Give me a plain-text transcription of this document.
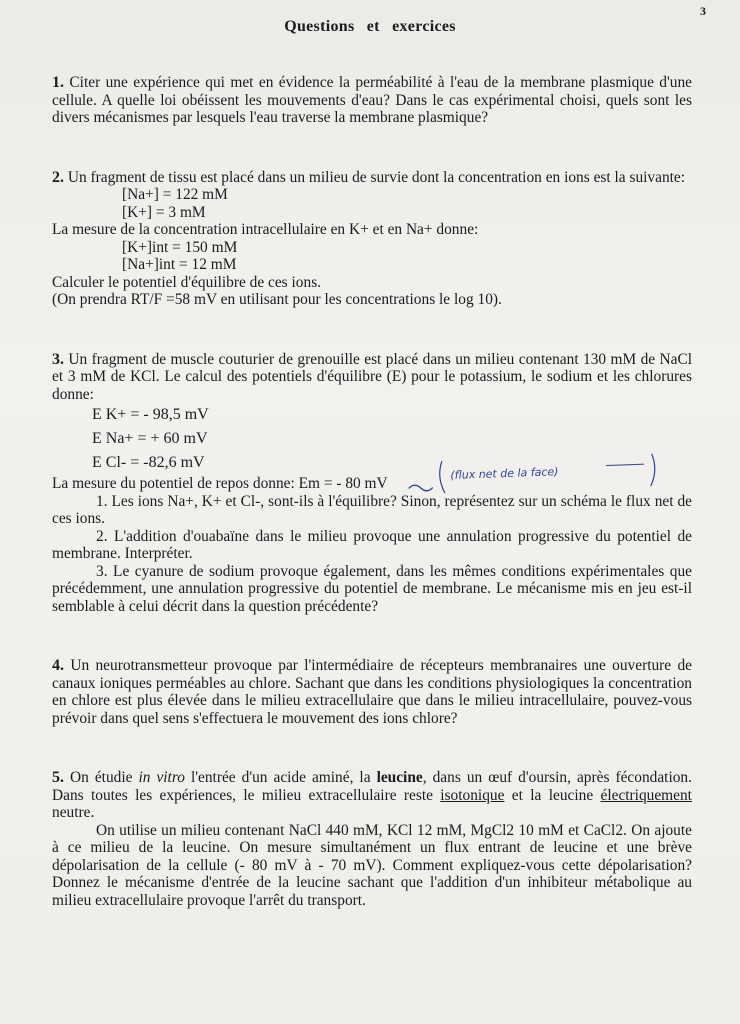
3
Questions et exercices

1. Citer une expérience qui met en évidence la perméabilité à l'eau de la membrane plasmique d'une cellule. A quelle loi obéissent les mouvements d'eau? Dans le cas expérimental choisi, quels sont les divers mécanismes par lesquels l'eau traverse la membrane plasmique?

2. Un fragment de tissu est placé dans un milieu de survie dont la concentration en ions est la suivante:

[Na+] = 122 mM
[K+] = 3 mM
La mesure de la concentration intracellulaire en K+ et en Na+ donne:
[K+]int = 150 mM
[Na+]int = 12 mM
Calculer le potentiel d'équilibre de ces ions.
(On prendra RT/F =58 mV en utilisant pour les concentrations le log 10).

3. Un fragment de muscle couturier de grenouille est placé dans un milieu contenant 130 mM de NaCl et 3 mM de KCl. Le calcul des potentiels d'équilibre (E) pour le potassium, le sodium et les chlorures donne:

E K+ = - 98,5 mV
E Na+ = + 60 mV
E Cl- = -82,6 mV
La mesure du potentiel de repos donne: Em = - 80 mV
1. Les ions Na+, K+ et Cl-, sont-ils à l'équilibre? Sinon, représentez sur un schéma le flux net de ces ions.
2. L'addition d'ouabaïne dans le milieu provoque une annulation progressive du potentiel de membrane. Interpréter.
3. Le cyanure de sodium provoque également, dans les mêmes conditions expérimentales que précédemment, une annulation progressive du potentiel de membrane. Le mécanisme mis en jeu est-il semblable à celui décrit dans la question précédente?

4. Un neurotransmetteur provoque par l'intermédiaire de récepteurs membranaires une ouverture de canaux ioniques perméables au chlore. Sachant que dans les conditions physiologiques la concentration en chlore est plus élevée dans le milieu extracellulaire que dans le milieu intracellulaire, pouvez-vous prévoir dans quel sens s'effectuera le mouvement des ions chlore?

5. On étudie in vitro l'entrée d'un acide aminé, la leucine, dans un œuf d'oursin, après fécondation. Dans toutes les expériences, le milieu extracellulaire reste isotonique et la leucine électriquement neutre.

On utilise un milieu contenant NaCl 440 mM, KCl 12 mM, MgCl2 10 mM et CaCl2. On ajoute à ce milieu de la leucine. On mesure simultanément un flux entrant de leucine et une brève dépolarisation de la cellule (- 80 mV à - 70 mV). Comment expliquez-vous cette dépolarisation? Donnez le mécanisme d'entrée de la leucine sachant que l'addition d'un inhibiteur métabolique au milieu extracellulaire provoque l'arrêt du transport.

(flux net de la face)
